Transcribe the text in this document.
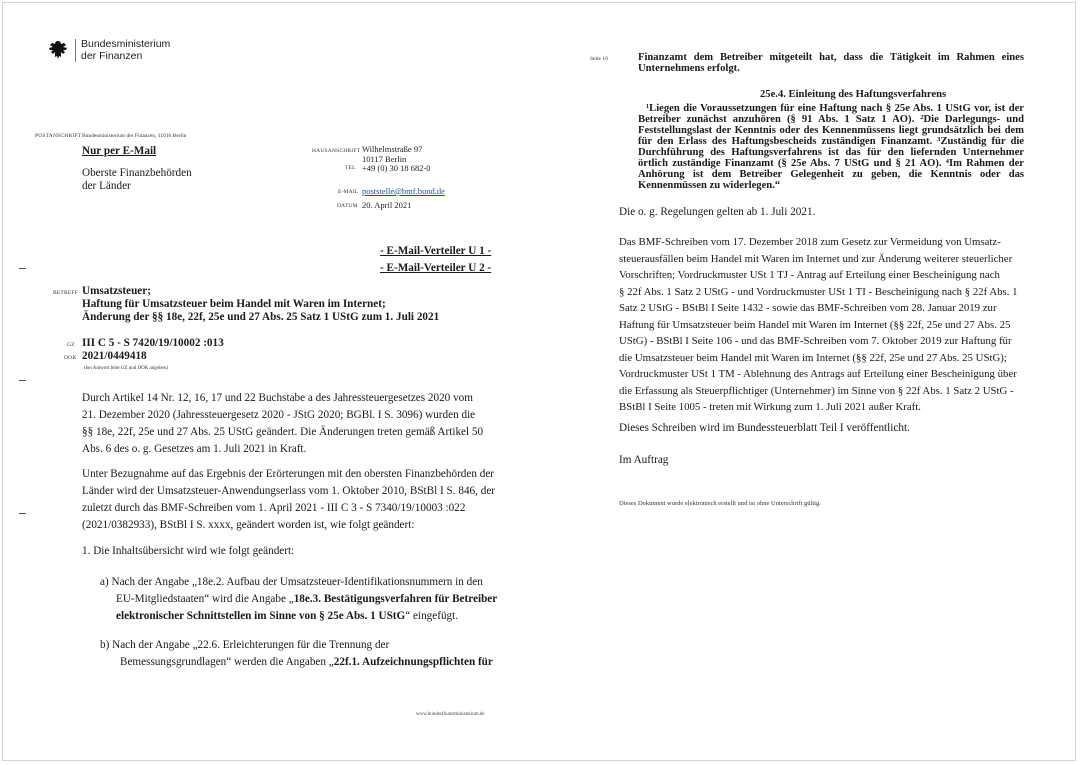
Bundesministerium
der Finanzen
POSTANSCHRIFT Bundesministerium der Finanzen, 11016 Berlin
Nur per E-Mail
Oberste Finanzbehörden
der Länder
HAUSANSCHRIFT Wilhelmstraße 97
10117 Berlin
TEL +49 (0) 30 18 682-0
E-MAIL poststelle@bmf.bund.de
DATUM 20. April 2021
- E-Mail-Verteiler U 1 -
- E-Mail-Verteiler U 2 -
BETREFF Umsatzsteuer;
Haftung für Umsatzsteuer beim Handel mit Waren im Internet;
Änderung der §§ 18e, 22f, 25e und 27 Abs. 25 Satz 1 UStG zum 1. Juli 2021
GZ III C 5 - S 7420/19/10002 :013
DOK 2021/0449418
(bei Antwort bitte GZ und DOK angeben)
Durch Artikel 14 Nr. 12, 16, 17 und 22 Buchstabe a des Jahressteuergesetzes 2020 vom
21. Dezember 2020 (Jahressteuergesetz 2020 - JStG 2020; BGBl. I S. 3096) wurden die
§§ 18e, 22f, 25e und 27 Abs. 25 UStG geändert. Die Änderungen treten gemäß Artikel 50
Abs. 6 des o. g. Gesetzes am 1. Juli 2021 in Kraft.
Unter Bezugnahme auf das Ergebnis der Erörterungen mit den obersten Finanzbehörden der
Länder wird der Umsatzsteuer-Anwendungserlass vom 1. Oktober 2010, BStBl I S. 846, der
zuletzt durch das BMF-Schreiben vom 1. April 2021 - III C 3 - S 7340/19/10003 :022
(2021/0382933), BStBl I S. xxxx, geändert worden ist, wie folgt geändert:
1. Die Inhaltsübersicht wird wie folgt geändert:
a) Nach der Angabe „18e.2. Aufbau der Umsatzsteuer-Identifikationsnummern in den
EU-Mitgliedstaaten“ wird die Angabe „18e.3. Bestätigungsverfahren für Betreiber
elektronischer Schnittstellen im Sinne von § 25e Abs. 1 UStG“ eingefügt.
b) Nach der Angabe „22.6. Erleichterungen für die Trennung der
Bemessungsgrundlagen“ werden die Angaben „22f.1. Aufzeichnungspflichten für
www.bundesfinanzministerium.de
Seite 10	Finanzamt dem Betreiber mitgeteilt hat, dass die Tätigkeit im Rahmen eines
Unternehmens erfolgt.
25e.4. Einleitung des Haftungsverfahrens
¹Liegen die Voraussetzungen für eine Haftung nach § 25e Abs. 1 UStG vor, ist der
Betreiber zunächst anzuhören (§ 91 Abs. 1 Satz 1 AO). ²Die Darlegungs- und
Feststellungslast der Kenntnis oder des Kennenmüssens liegt grundsätzlich bei dem
für den Erlass des Haftungsbescheids zuständigen Finanzamt. ³Zuständig für die
Durchführung des Haftungsverfahrens ist das für den liefernden Unternehmer
örtlich zuständige Finanzamt (§ 25e Abs. 7 UStG und § 21 AO). ⁴Im Rahmen der
Anhörung ist dem Betreiber Gelegenheit zu geben, die Kenntnis oder das
Kennenmüssen zu widerlegen.“
Die o. g. Regelungen gelten ab 1. Juli 2021.
Das BMF-Schreiben vom 17. Dezember 2018 zum Gesetz zur Vermeidung von Umsatz-
steuerausfällen beim Handel mit Waren im Internet und zur Änderung weiterer steuerlicher
Vorschriften; Vordruckmuster USt 1 TJ - Antrag auf Erteilung einer Bescheinigung nach
§ 22f Abs. 1 Satz 2 UStG - und Vordruckmuster USt 1 TI - Bescheinigung nach § 22f Abs. 1
Satz 2 UStG - BStBl I Seite 1432 - sowie das BMF-Schreiben vom 28. Januar 2019 zur
Haftung für Umsatzsteuer beim Handel mit Waren im Internet (§§ 22f, 25e und 27 Abs. 25
UStG) - BStBl I Seite 106 - und das BMF-Schreiben vom 7. Oktober 2019 zur Haftung für
die Umsatzsteuer beim Handel mit Waren im Internet (§§ 22f, 25e und 27 Abs. 25 UStG);
Vordruckmuster USt 1 TM - Ablehnung des Antrags auf Erteilung einer Bescheinigung über
die Erfassung als Steuerpflichtiger (Unternehmer) im Sinne von § 22f Abs. 1 Satz 2 UStG -
BStBl I Seite 1005 - treten mit Wirkung zum 1. Juli 2021 außer Kraft.
Dieses Schreiben wird im Bundessteuerblatt Teil I veröffentlicht.
Im Auftrag
Dieses Dokument wurde elektronisch erstellt und ist ohne Unterschrift gültig.
